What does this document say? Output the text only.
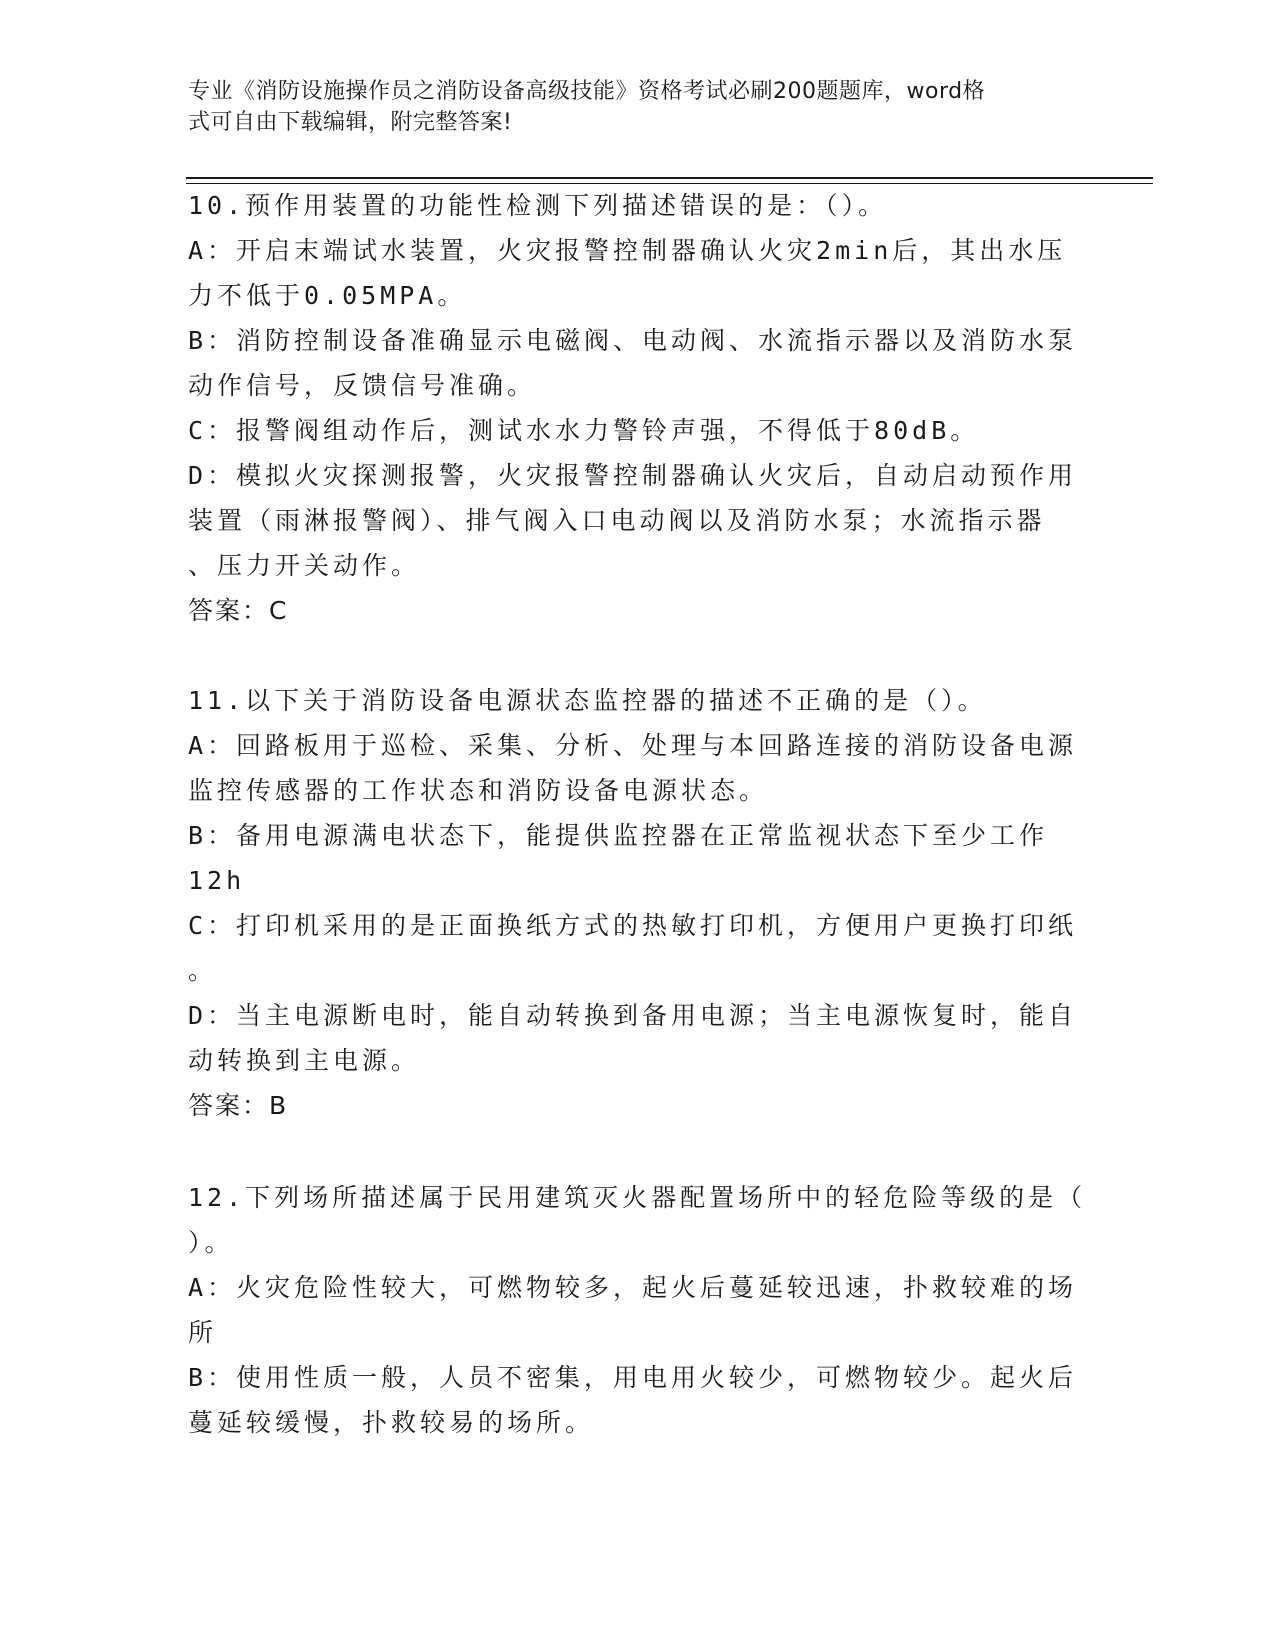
专业《消防设施操作员之消防设备高级技能》资格考试必刷200题题库，word格
式可自由下载编辑，附完整答案!
10.预作用装置的功能性检测下列描述错误的是：（）。
A：开启末端试水装置，火灾报警控制器确认火灾2min后，其出水压
力不低于0.05MPA。
B：消防控制设备准确显示电磁阀、电动阀、水流指示器以及消防水泵
动作信号，反馈信号准确。
C：报警阀组动作后，测试水水力警铃声强，不得低于80dB。
D：模拟火灾探测报警，火灾报警控制器确认火灾后，自动启动预作用
装置（雨淋报警阀）、排气阀入口电动阀以及消防水泵；水流指示器
、压力开关动作。
答案：C
11.以下关于消防设备电源状态监控器的描述不正确的是（）。
A：回路板用于巡检、采集、分析、处理与本回路连接的消防设备电源
监控传感器的工作状态和消防设备电源状态。
B：备用电源满电状态下，能提供监控器在正常监视状态下至少工作
12h
C：打印机采用的是正面换纸方式的热敏打印机，方便用户更换打印纸
。
D：当主电源断电时，能自动转换到备用电源；当主电源恢复时，能自
动转换到主电源。
答案：B
12.下列场所描述属于民用建筑灭火器配置场所中的轻危险等级的是（
）。
A：火灾危险性较大，可燃物较多，起火后蔓延较迅速，扑救较难的场
所
B：使用性质一般，人员不密集，用电用火较少，可燃物较少。起火后
蔓延较缓慢，扑救较易的场所。
